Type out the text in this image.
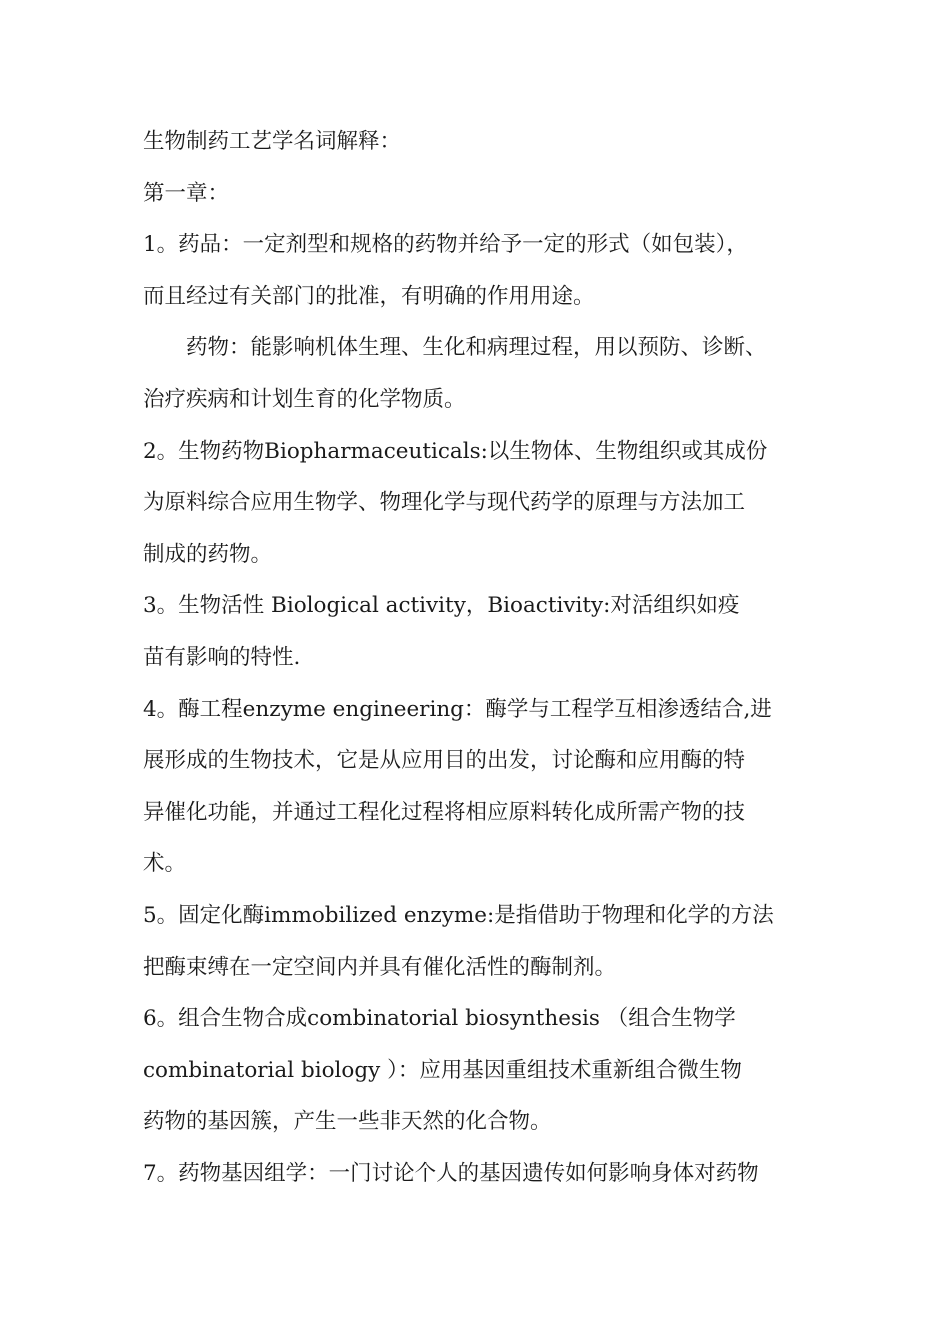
生物制药工艺学名词解释：

第一章：

1。药品：一定剂型和规格的药物并给予一定的形式（如包装），

而且经过有关部门的批准，有明确的作用用途。

　　药物：能影响机体生理、生化和病理过程，用以预防、诊断、

治疗疾病和计划生育的化学物质。

2。生物药物Biopharmaceuticals:以生物体、生物组织或其成份

为原料综合应用生物学、物理化学与现代药学的原理与方法加工

制成的药物。

3。生物活性 Biological activity，Bioactivity:对活组织如疫

苗有影响的特性.

4。酶工程enzyme engineering：酶学与工程学互相渗透结合,进

展形成的生物技术，它是从应用目的出发，讨论酶和应用酶的特

异催化功能，并通过工程化过程将相应原料转化成所需产物的技

术。

5。固定化酶immobilized enzyme:是指借助于物理和化学的方法

把酶束缚在一定空间内并具有催化活性的酶制剂。

6。组合生物合成combinatorial biosynthesis （组合生物学

combinatorial biology ）：应用基因重组技术重新组合微生物

药物的基因簇，产生一些非天然的化合物。

7。药物基因组学：一门讨论个人的基因遗传如何影响身体对药物
